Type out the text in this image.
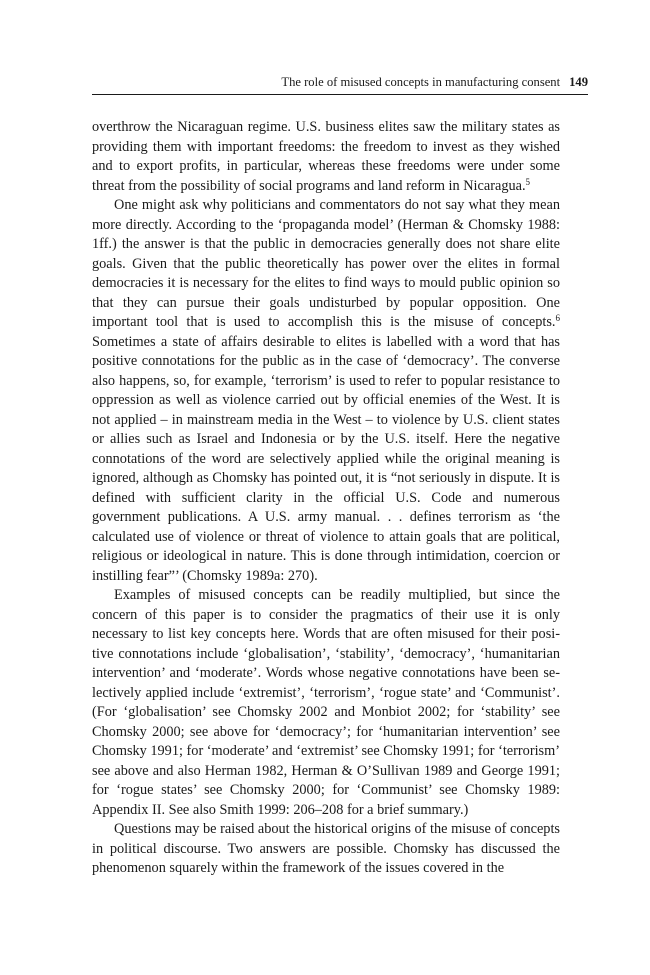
The role of misused concepts in manufacturing consent 149

overthrow the Nicaraguan regime. U.S. business elites saw the military states as providing them with important freedoms: the freedom to invest as they wished and to export profits, in particular, whereas these freedoms were under some threat from the possibility of social programs and land reform in Nicaragua.$^5$

One might ask why politicians and commentators do not say what they mean more directly. According to the ‘propaganda model’ (Herman & Chomsky 1988: 1ff.) the answer is that the public in democracies generally does not share elite goals. Given that the public theoretically has power over the elites in formal democracies it is necessary for the elites to find ways to mould public opinion so that they can pursue their goals undisturbed by popular opposition. One important tool that is used to accomplish this is the misuse of concepts.$^6$ Sometimes a state of affairs desirable to elites is labelled with a word that has positive connotations for the public as in the case of ‘democracy’. The converse also happens, so, for example, ‘terrorism’ is used to refer to popular resistance to oppression as well as violence carried out by official enemies of the West. It is not applied – in mainstream media in the West – to violence by U.S. client states or allies such as Israel and Indonesia or by the U.S. itself. Here the negative connotations of the word are selectively applied while the original meaning is ignored, although as Chomsky has pointed out, it is “not seriously in dispute. It is defined with sufficient clarity in the official U.S. Code and numerous government publications. A U.S. army manual. . . defines terrorism as ‘the calculated use of violence or threat of violence to attain goals that are political, religious or ideological in nature. This is done through intimidation, coercion or instilling fear”’ (Chomsky 1989a: 270).

Examples of misused concepts can be readily multiplied, but since the concern of this paper is to consider the pragmatics of their use it is only necessary to list key concepts here. Words that are often misused for their positive connotations include ‘globalisation’, ‘stability’, ‘democracy’, ‘humanitarian intervention’ and ‘moderate’. Words whose negative connotations have been selectively applied include ‘extremist’, ‘terrorism’, ‘rogue state’ and ‘Communist’. (For ‘globalisation’ see Chomsky 2002 and Monbiot 2002; for ‘stability’ see Chomsky 2000; see above for ‘democracy’; for ‘humanitarian intervention’ see Chomsky 1991; for ‘moderate’ and ‘extremist’ see Chomsky 1991; for ‘terrorism’ see above and also Herman 1982, Herman & O’Sullivan 1989 and George 1991; for ‘rogue states’ see Chomsky 2000; for ‘Communist’ see Chomsky 1989: Appendix II. See also Smith 1999: 206–208 for a brief summary.)

Questions may be raised about the historical origins of the misuse of concepts in political discourse. Two answers are possible. Chomsky has discussed the phenomenon squarely within the framework of the issues covered in the
